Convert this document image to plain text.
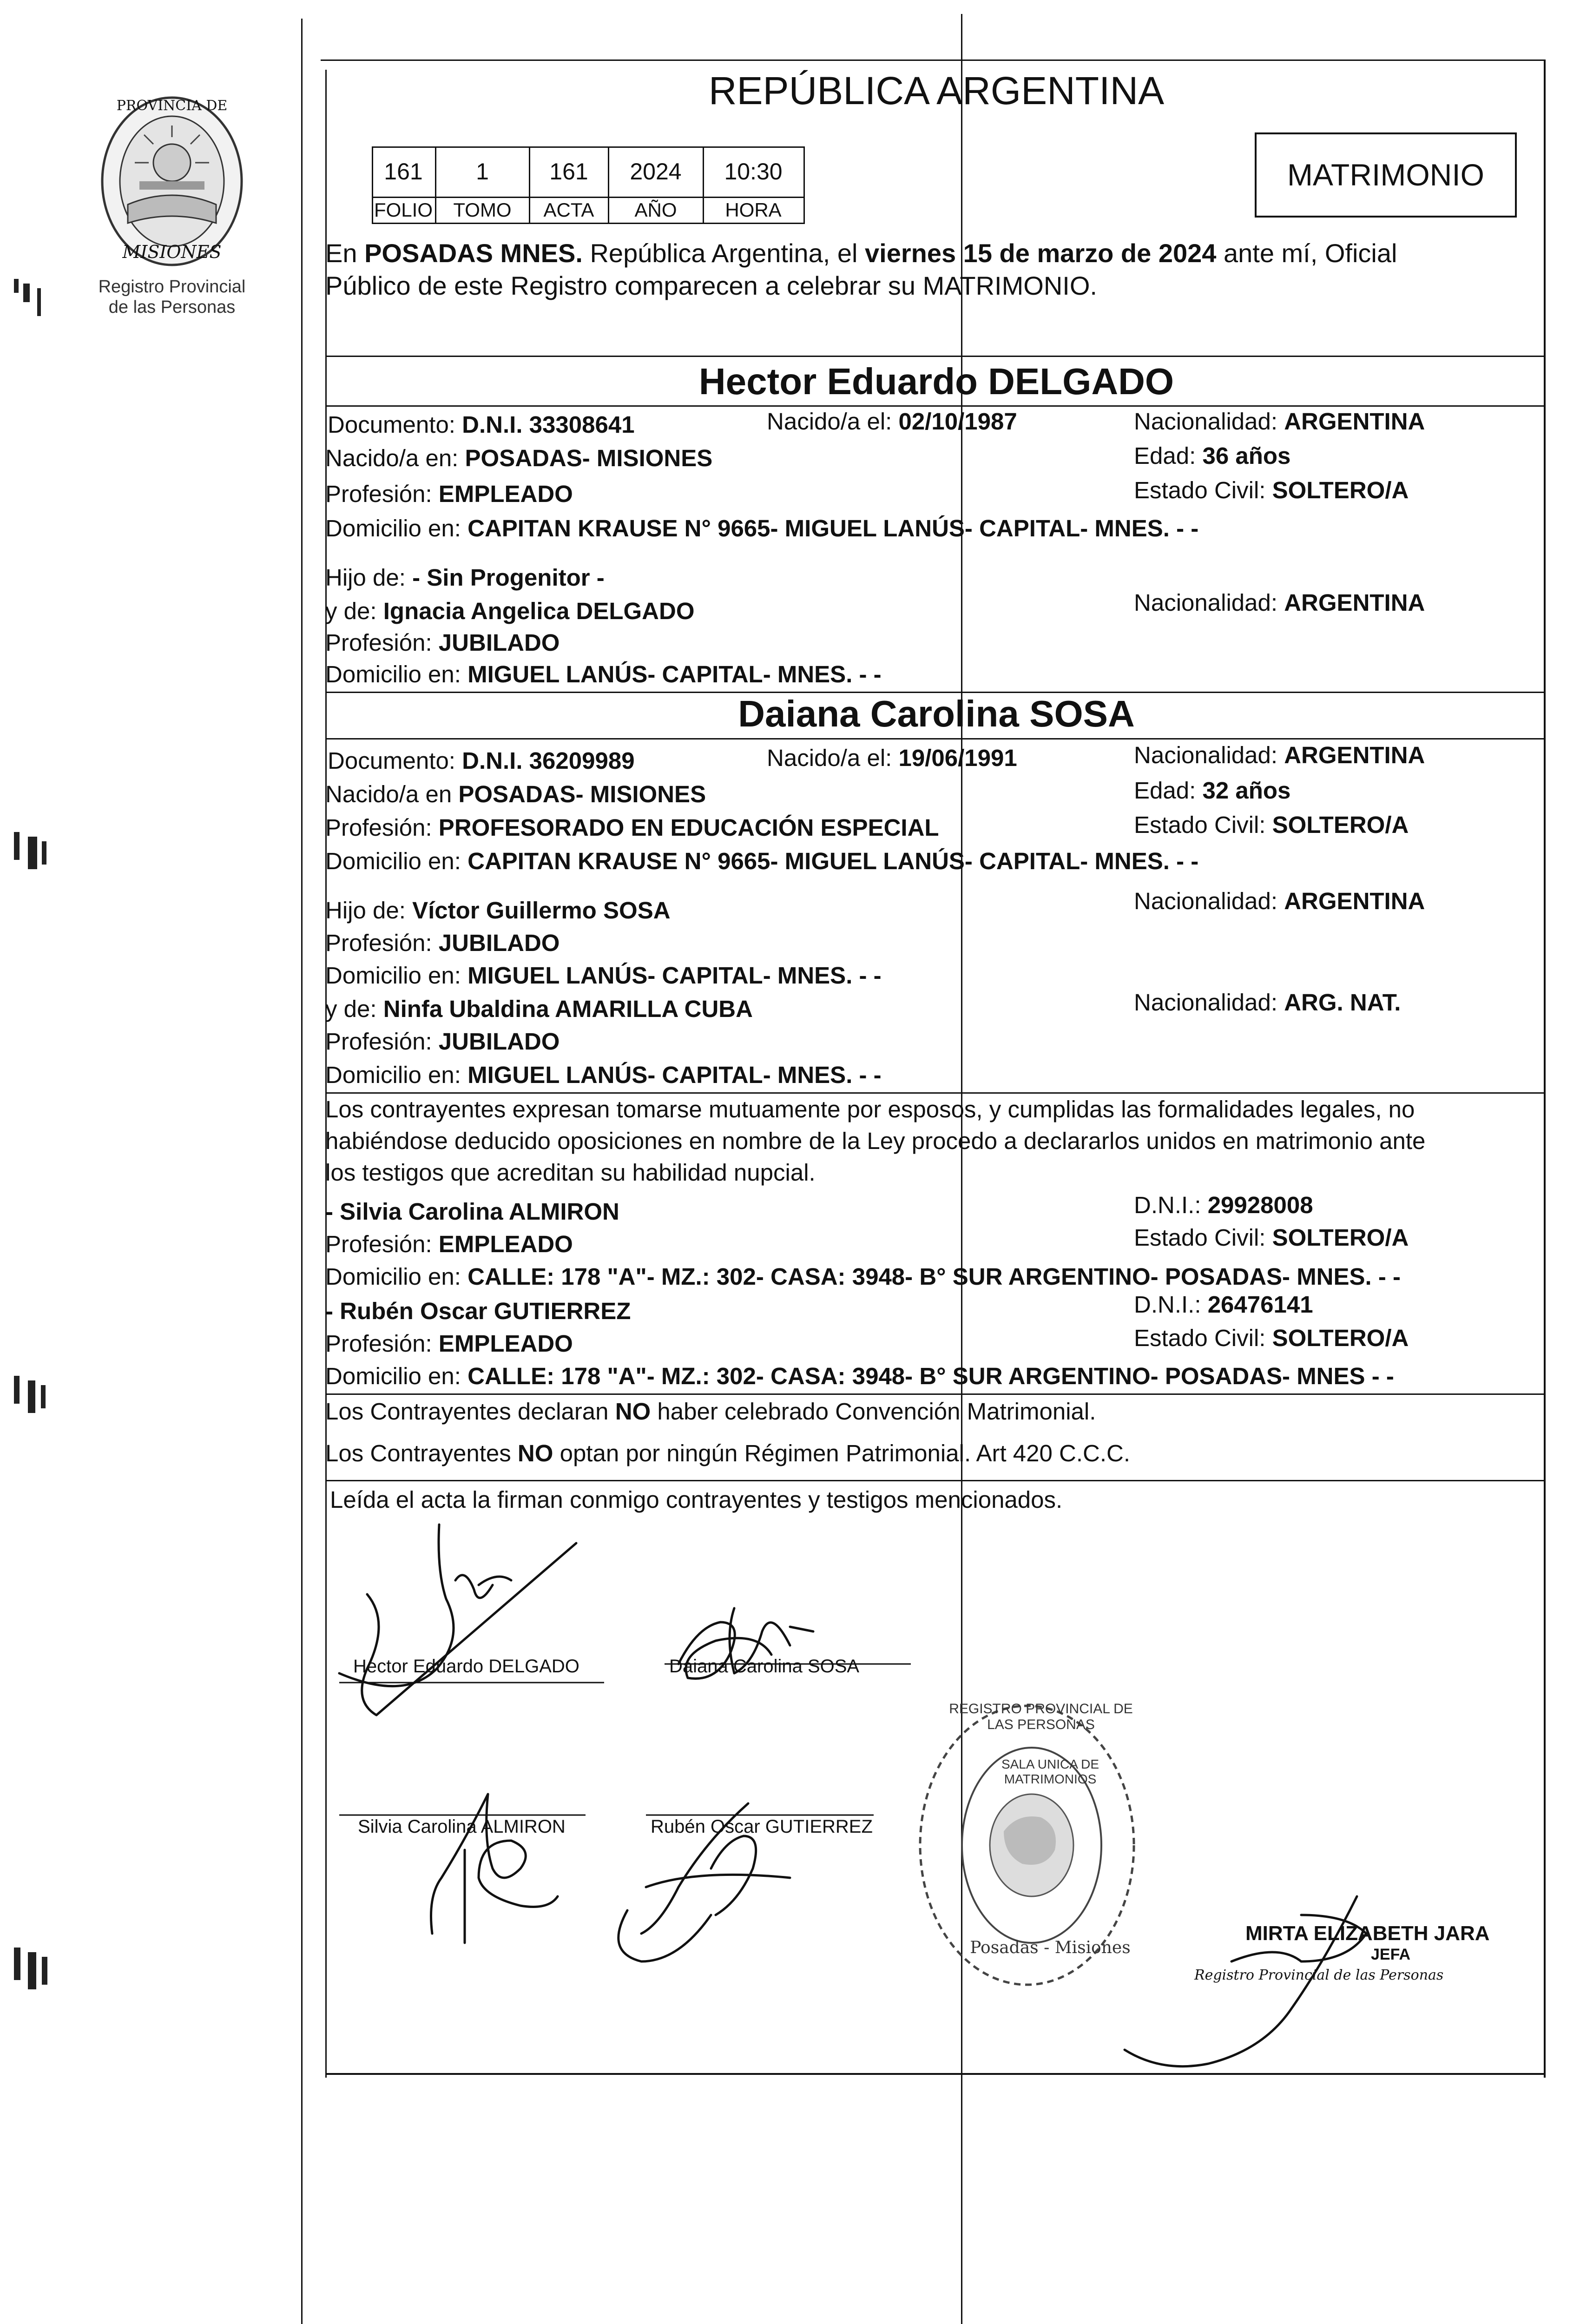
PROVINCIA DE
MISIONES
Registro Provincial
de las Personas
REPÚBLICA ARGENTINA
161	1	161	2024	10:30
FOLIO	TOMO	ACTA	AÑO	HORA
MATRIMONIO
En POSADAS MNES. República Argentina, el viernes 15 de marzo de 2024 ante mí, Oficial
Público de este Registro comparecen a celebrar su MATRIMONIO.
Hector Eduardo DELGADO
Documento: D.N.I. 33308641	Nacido/a el: 02/10/1987	Nacionalidad: ARGENTINA
Nacido/a en: POSADAS- MISIONES	Edad: 36 años
Profesión: EMPLEADO	Estado Civil: SOLTERO/A
Domicilio en: CAPITAN KRAUSE N° 9665- MIGUEL LANÚS- CAPITAL- MNES. - -
Hijo de: - Sin Progenitor -
y de: Ignacia Angelica DELGADO	Nacionalidad: ARGENTINA
Profesión: JUBILADO
Domicilio en: MIGUEL LANÚS- CAPITAL- MNES. - -
Daiana Carolina SOSA
Documento: D.N.I. 36209989	Nacido/a el: 19/06/1991	Nacionalidad: ARGENTINA
Nacido/a en POSADAS- MISIONES	Edad: 32 años
Profesión: PROFESORADO EN EDUCACIÓN ESPECIAL	Estado Civil: SOLTERO/A
Domicilio en: CAPITAN KRAUSE N° 9665- MIGUEL LANÚS- CAPITAL- MNES. - -
Hijo de: Víctor Guillermo SOSA	Nacionalidad: ARGENTINA
Profesión: JUBILADO
Domicilio en: MIGUEL LANÚS- CAPITAL- MNES. - -
y de: Ninfa Ubaldina AMARILLA CUBA	Nacionalidad: ARG. NAT.
Profesión: JUBILADO
Domicilio en: MIGUEL LANÚS- CAPITAL- MNES. - -
Los contrayentes expresan tomarse mutuamente por esposos, y cumplidas las formalidades legales, no
habiéndose deducido oposiciones en nombre de la Ley procedo a declararlos unidos en matrimonio ante
los testigos que acreditan su habilidad nupcial.
- Silvia Carolina ALMIRON	D.N.I.: 29928008
Profesión: EMPLEADO	Estado Civil: SOLTERO/A
Domicilio en: CALLE: 178 "A"- MZ.: 302- CASA: 3948- B° SUR ARGENTINO- POSADAS- MNES. - -
- Rubén Oscar GUTIERREZ	D.N.I.: 26476141
Profesión: EMPLEADO	Estado Civil: SOLTERO/A
Domicilio en: CALLE: 178 "A"- MZ.: 302- CASA: 3948- B° SUR ARGENTINO- POSADAS- MNES - -
Los Contrayentes declaran NO haber celebrado Convención Matrimonial.
Los Contrayentes NO optan por ningún Régimen Patrimonial. Art 420 C.C.C.
Leída el acta la firman conmigo contrayentes y testigos mencionados.
Hector Eduardo DELGADO	Daiana Carolina SOSA
Silvia Carolina ALMIRON	Rubén Oscar GUTIERREZ
REGISTRO PROVINCIAL DE LAS PERSONAS
SALA UNICA DE MATRIMONIOS
Posadas - Misiones
MIRTA ELIZABETH JARA
JEFA
Registro Provincial de las Personas
